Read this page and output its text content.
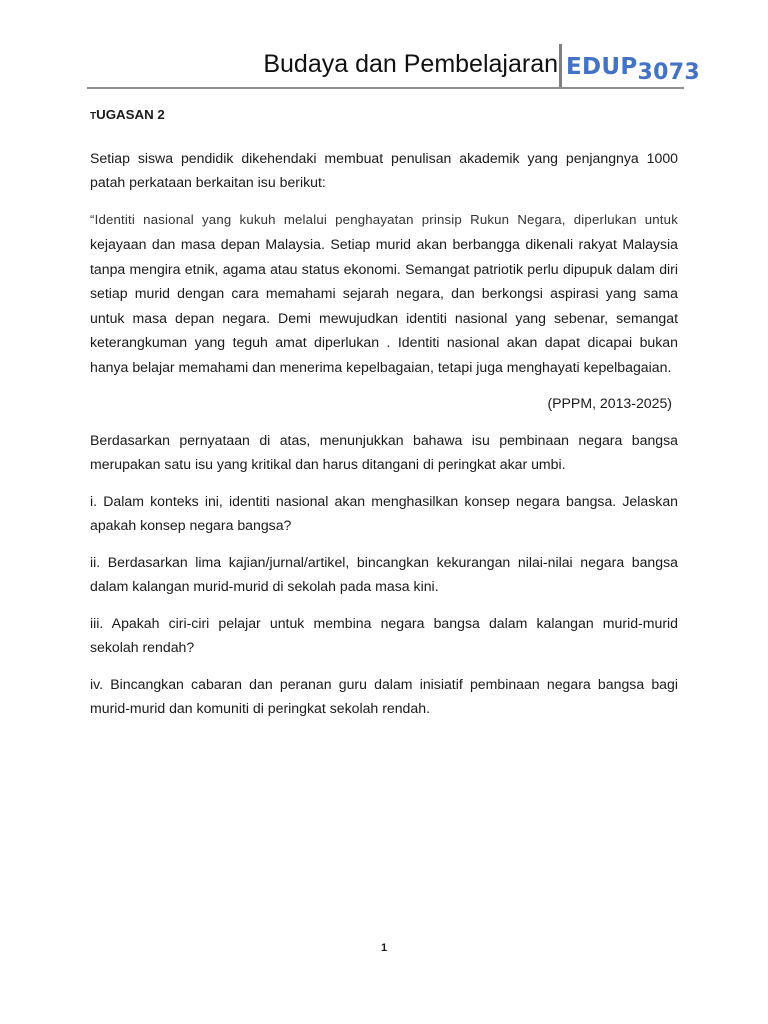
Budaya dan Pembelajaran EDUP3073
TUGASAN 2

Setiap siswa pendidik dikehendaki membuat penulisan akademik yang penjangnya 1000 patah perkataan berkaitan isu berikut:

“Identiti nasional yang kukuh melalui penghayatan prinsip Rukun Negara, diperlukan untuk kejayaan dan masa depan Malaysia. Setiap murid akan berbangga dikenali rakyat Malaysia tanpa mengira etnik, agama atau status ekonomi. Semangat patriotik perlu dipupuk dalam diri setiap murid dengan cara memahami sejarah negara, dan berkongsi aspirasi yang sama untuk masa depan negara. Demi mewujudkan identiti nasional yang sebenar, semangat keterangkuman yang teguh amat diperlukan . Identiti nasional akan dapat dicapai bukan hanya belajar memahami dan menerima kepelbagaian, tetapi juga menghayati kepelbagaian.

(PPPM, 2013-2025)

Berdasarkan pernyataan di atas, menunjukkan bahawa isu pembinaan negara bangsa merupakan satu isu yang kritikal dan harus ditangani di peringkat akar umbi.

i. Dalam konteks ini, identiti nasional akan menghasilkan konsep negara bangsa. Jelaskan apakah konsep negara bangsa?

ii. Berdasarkan lima kajian/jurnal/artikel, bincangkan kekurangan nilai-nilai negara bangsa dalam kalangan murid-murid di sekolah pada masa kini.

iii. Apakah ciri-ciri pelajar untuk membina negara bangsa dalam kalangan murid-murid sekolah rendah?

iv. Bincangkan cabaran dan peranan guru dalam inisiatif pembinaan negara bangsa bagi murid-murid dan komuniti di peringkat sekolah rendah.

1
